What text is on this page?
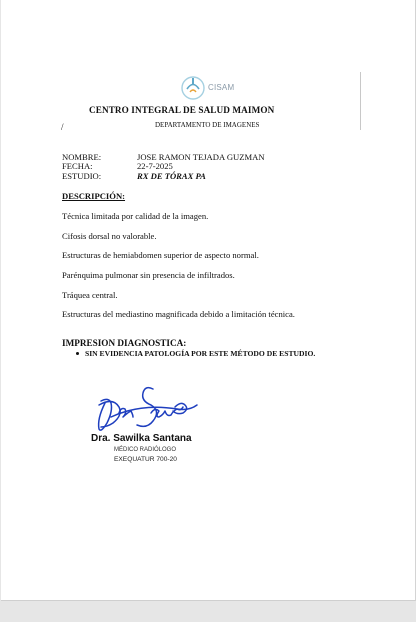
CISAM
CENTRO INTEGRAL DE SALUD MAIMON
/	DEPARTAMENTO DE IMAGENES
NOMBRE:	JOSE RAMON TEJADA GUZMAN
FECHA:	22-7-2025
ESTUDIO:	RX DE TÓRAX PA
DESCRIPCIÓN:
Técnica limitada por calidad de la imagen.
Cifosis dorsal no valorable.
Estructuras de hemiabdomen superior de aspecto normal.
Parénquima pulmonar sin presencia de infiltrados.
Tráquea central.
Estructuras del mediastino magnificada debido a limitación técnica.
IMPRESION DIAGNOSTICA:
SIN EVIDENCIA PATOLOGÍA POR ESTE MÉTODO DE ESTUDIO.
Dra. Sawilka Santana
MÉDICO RADIÓLOGO
EXEQUATUR 700-20
